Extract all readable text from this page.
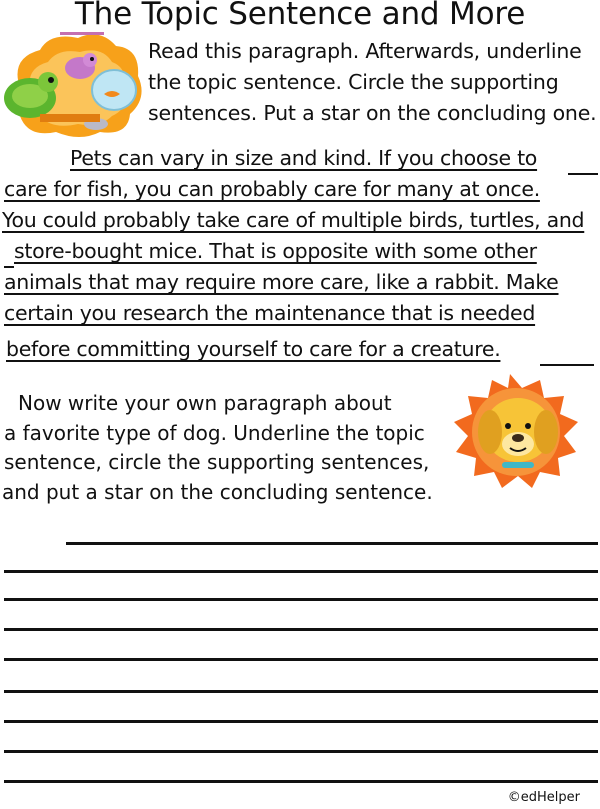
The Topic Sentence and More
Read this paragraph. Afterwards, underline
the topic sentence. Circle the supporting
sentences. Put a star on the concluding one.
Pets can vary in size and kind. If you choose to
care for fish, you can probably care for many at once.
You could probably take care of multiple birds, turtles, and
store-bought mice. That is opposite with some other
animals that may require more care, like a rabbit. Make
certain you research the maintenance that is needed
before committing yourself to care for a creature.
Now write your own paragraph about
a favorite type of dog. Underline the topic
sentence, circle the supporting sentences,
and put a star on the concluding sentence.
©edHelper
